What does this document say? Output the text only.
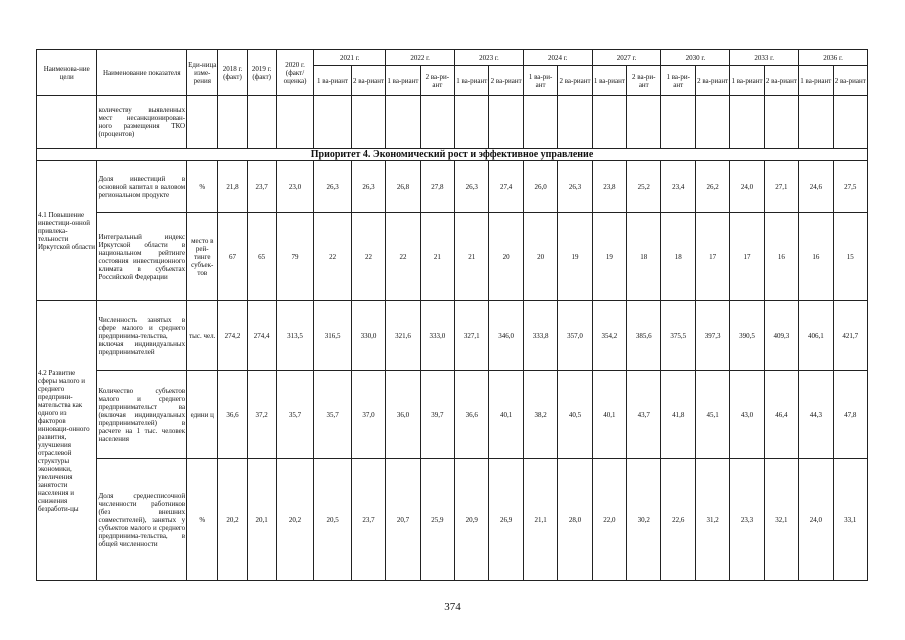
Наименова-ние цели	Наименование показателя	Еди-ница изме-рения	2018 г. (факт)	2019 г. (факт)	2020 г. (факт/ оценка)	2021 г.		2022 г.		2023 г.		2024 г.		2027 г.		2030 г.		2033 г.		2036 г.	
						1 ва-риант	2 ва-риант	1 ва-риант	2 ва-ри-ант	1 ва-риант	2 ва-риант	1 ва-ри-ант	2 ва-риант	1 ва-риант	2 ва-ри-ант	1 ва-ри-ант	2 ва-риант	1 ва-риант	2 ва-риант	1 ва-риант	2 ва-риант
	количеству выявленных мест несанкционирован-ного размещения ТКО (процентов)																				
Приоритет 4. Экономический рост и эффективное управление																					
4.1 Повышение инвестици-онной привлека-тельности Иркутской области	Доля инвестиций в основной капитал в валовом региональном продукте	%	21,8	23,7	23,0	26,3	26,3	26,8	27,8	26,3	27,4	26,0	26,3	23,8	25,2	23,4	26,2	24,0	27,1	24,6	27,5
	Интегральный индекс Иркутской области в национальном рейтинге состояния инвестиционного климата в субъектах Российской Федерации	место в рей-тинге субъек-тов	67	65	79	22	22	22	21	21	20	20	19	19	18	18	17	17	16	16	15
4.2 Развитие сферы малого и среднего предприни-мательства как одного из факторов инноваци-онного развития, улучшения отраслевой структуры экономики, увеличения занятости населения и снижения безработи-цы	Численность занятых в сфере малого и среднего предпринима-тельства, включая индивидуальных предпринимателей	тыс. чел.	274,2	274,4	313,5	316,5	330,0	321,6	333,0	327,1	346,0	333,8	357,0	354,2	385,6	375,5	397,3	390,5	409,3	406,1	421,7
	Количество субъектов малого и среднего предпринимательст ва (включая индивидуальных предпринимателей) в расчете на 1 тыс. человек населения	едини ц	36,6	37,2	35,7	35,7	37,0	36,0	39,7	36,6	40,1	38,2	40,5	40,1	43,7	41,8	45,1	43,0	46,4	44,3	47,8
	Доля среднесписочной численности работников (без внешних совместителей), занятых у субъектов малого и среднего предпринима-тельства, в общей численности	%	20,2	20,1	20,2	20,5	23,7	20,7	25,9	20,9	26,9	21,1	28,0	22,0	30,2	22,6	31,2	23,3	32,1	24,0	33,1
374
